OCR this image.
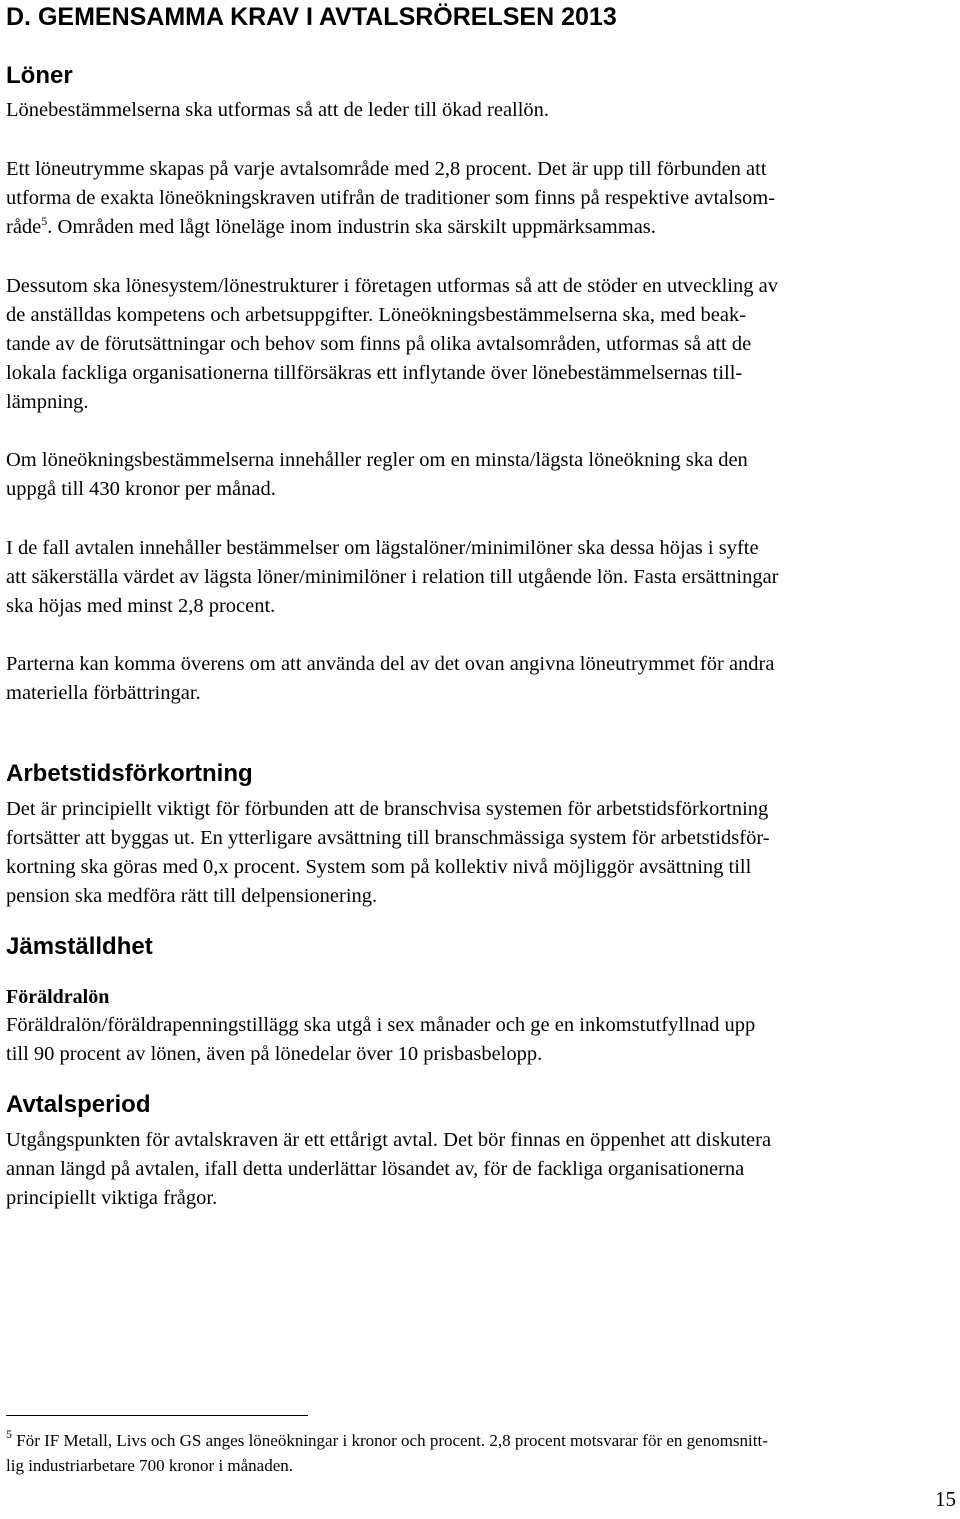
D. GEMENSAMMA KRAV I AVTALSRÖRELSEN 2013
Löner
Lönebestämmelserna ska utformas så att de leder till ökad reallön.
Ett löneutrymme skapas på varje avtalsområde med 2,8 procent. Det är upp till förbunden att
utforma de exakta löneökningskraven utifrån de traditioner som finns på respektive avtalsom-
råde$^5$. Områden med lågt löneläge inom industrin ska särskilt uppmärksammas.
Dessutom ska lönesystem/lönestrukturer i företagen utformas så att de stöder en utveckling av
de anställdas kompetens och arbetsuppgifter. Löneökningsbestämmelserna ska, med beak-
tande av de förutsättningar och behov som finns på olika avtalsområden, utformas så att de
lokala fackliga organisationerna tillförsäkras ett inflytande över lönebestämmelsernas till-
lämpning.
Om löneökningsbestämmelserna innehåller regler om en minsta/lägsta löneökning ska den
uppgå till 430 kronor per månad.
I de fall avtalen innehåller bestämmelser om lägstalöner/minimilöner ska dessa höjas i syfte
att säkerställa värdet av lägsta löner/minimilöner i relation till utgående lön. Fasta ersättningar
ska höjas med minst 2,8 procent.
Parterna kan komma överens om att använda del av det ovan angivna löneutrymmet för andra
materiella förbättringar.
Arbetstidsförkortning
Det är principiellt viktigt för förbunden att de branschvisa systemen för arbetstidsförkortning
fortsätter att byggas ut. En ytterligare avsättning till branschmässiga system för arbetstidsför-
kortning ska göras med 0,x procent. System som på kollektiv nivå möjliggör avsättning till
pension ska medföra rätt till delpensionering.
Jämställdhet
Föräldralön
Föräldralön/föräldrapenningstillägg ska utgå i sex månader och ge en inkomstutfyllnad upp
till 90 procent av lönen, även på lönedelar över 10 prisbasbelopp.
Avtalsperiod
Utgångspunkten för avtalskraven är ett ettårigt avtal. Det bör finnas en öppenhet att diskutera
annan längd på avtalen, ifall detta underlättar lösandet av, för de fackliga organisationerna
principiellt viktiga frågor.
$^5$ För IF Metall, Livs och GS anges löneökningar i kronor och procent. 2,8 procent motsvarar för en genomsnitt-
lig industriarbetare 700 kronor i månaden.
15
